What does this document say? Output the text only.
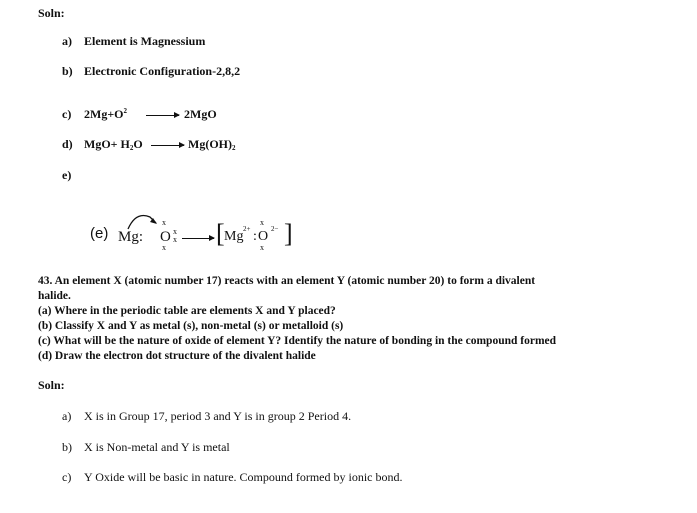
Soln:
a) Element is Magnessium
b) Electronic Configuration-2,8,2
c) $2Mg+O^2 \to 2MgO$
d) $MgO+ H_2O \to Mg(OH)_2$
e)
(e) Mg: O
x
x
x
x → [ Mg 2+ : O
x
x
2− ]
43. An element X (atomic number 17) reacts with an element Y (atomic number 20) to form a divalent
halide.
(a) Where in the periodic table are elements X and Y placed?
(b) Classify X and Y as metal (s), non-metal (s) or metalloid (s)
(c) What will be the nature of oxide of element Y? Identify the nature of bonding in the compound formed
(d) Draw the electron dot structure of the divalent halide
Soln:
a) X is in Group 17, period 3 and Y is in group 2 Period 4.
b) X is Non-metal and Y is metal
c) Y Oxide will be basic in nature. Compound formed by ionic bond.
